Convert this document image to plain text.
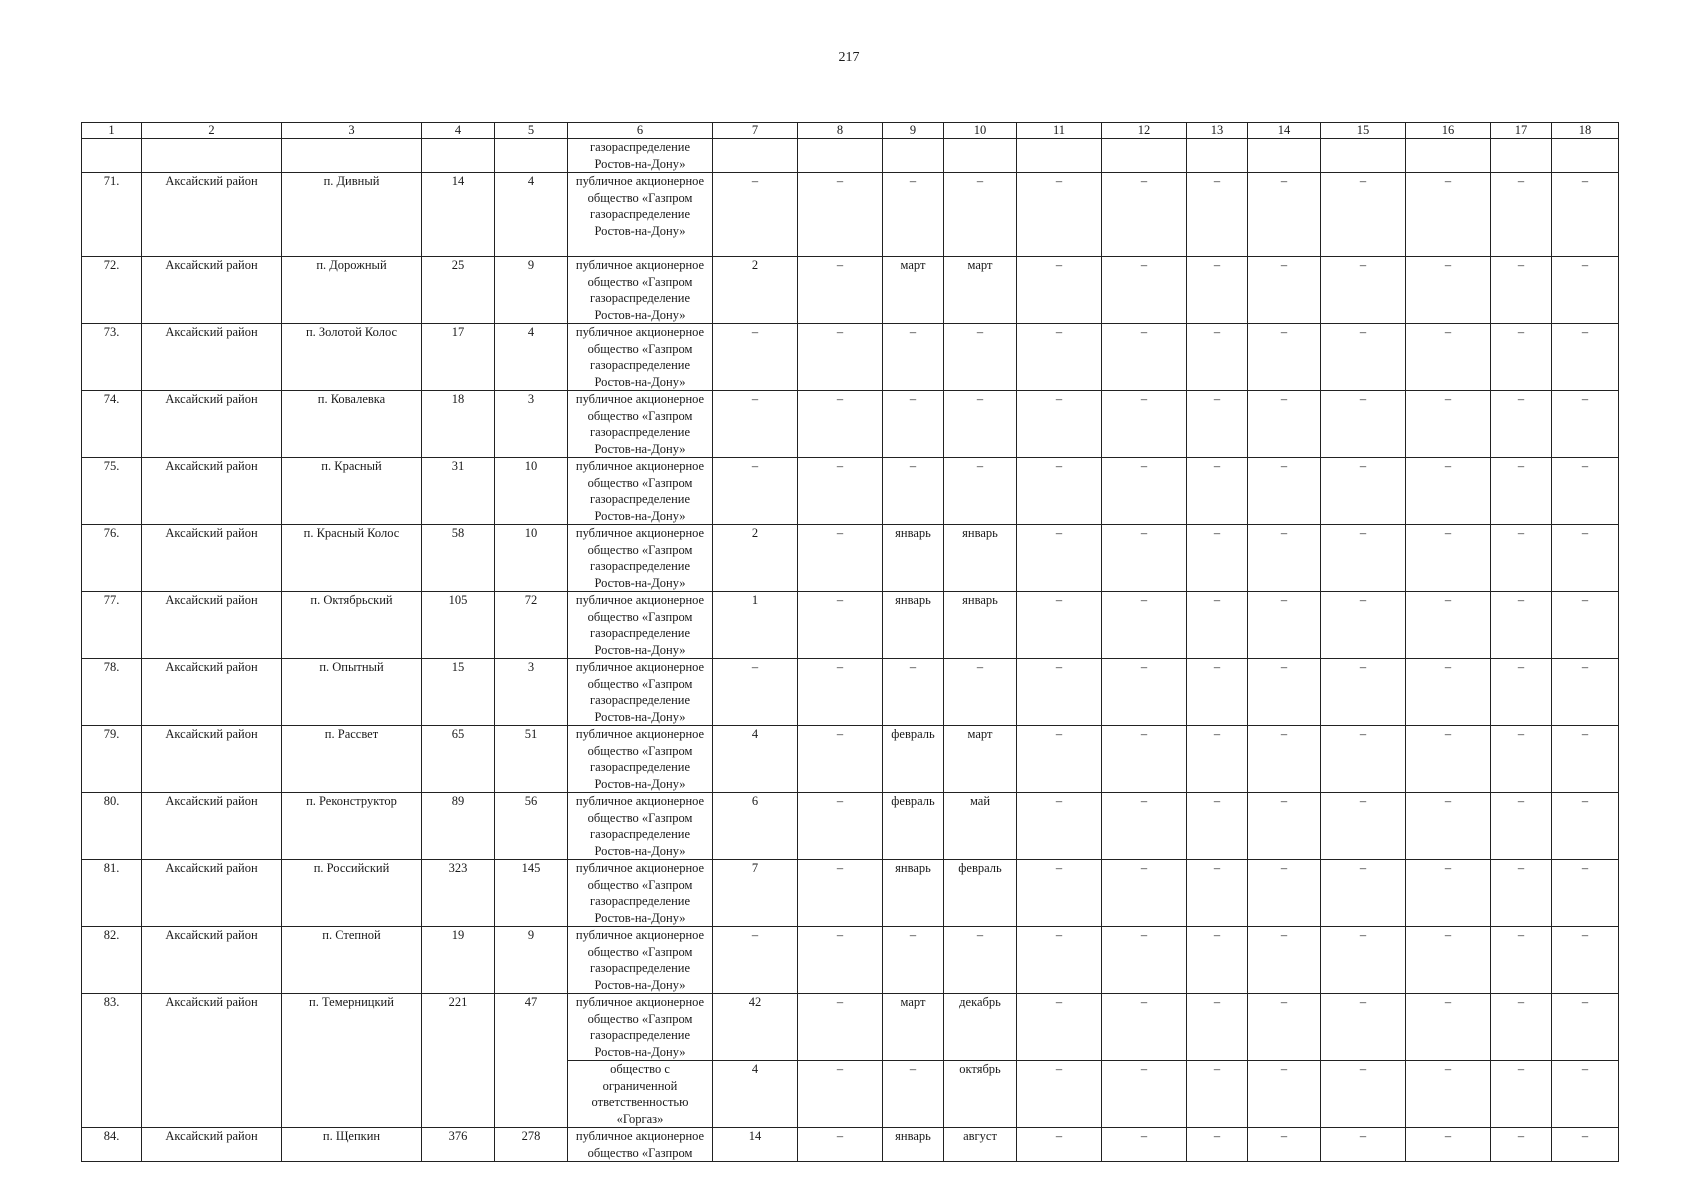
217
1	2	3	4	5	6	7	8	9	10	11	12	13	14	15	16	17	18
					газораспределение
Ростов-на-Дону»												
71.	Аксайский район	п. Дивный	14	4	публичное акционерное
общество «Газпром
газораспределение
Ростов-на-Дону»	–	–	–	–	–	–	–	–	–	–	–	–
72.	Аксайский район	п. Дорожный	25	9	публичное акционерное
общество «Газпром
газораспределение
Ростов-на-Дону»	2	–	март	март	–	–	–	–	–	–	–	–
73.	Аксайский район	п. Золотой Колос	17	4	публичное акционерное
общество «Газпром
газораспределение
Ростов-на-Дону»	–	–	–	–	–	–	–	–	–	–	–	–
74.	Аксайский район	п. Ковалевка	18	3	публичное акционерное
общество «Газпром
газораспределение
Ростов-на-Дону»	–	–	–	–	–	–	–	–	–	–	–	–
75.	Аксайский район	п. Красный	31	10	публичное акционерное
общество «Газпром
газораспределение
Ростов-на-Дону»	–	–	–	–	–	–	–	–	–	–	–	–
76.	Аксайский район	п. Красный Колос	58	10	публичное акционерное
общество «Газпром
газораспределение
Ростов-на-Дону»	2	–	январь	январь	–	–	–	–	–	–	–	–
77.	Аксайский район	п. Октябрьский	105	72	публичное акционерное
общество «Газпром
газораспределение
Ростов-на-Дону»	1	–	январь	январь	–	–	–	–	–	–	–	–
78.	Аксайский район	п. Опытный	15	3	публичное акционерное
общество «Газпром
газораспределение
Ростов-на-Дону»	–	–	–	–	–	–	–	–	–	–	–	–
79.	Аксайский район	п. Рассвет	65	51	публичное акционерное
общество «Газпром
газораспределение
Ростов-на-Дону»	4	–	февраль	март	–	–	–	–	–	–	–	–
80.	Аксайский район	п. Реконструктор	89	56	публичное акционерное
общество «Газпром
газораспределение
Ростов-на-Дону»	6	–	февраль	май	–	–	–	–	–	–	–	–
81.	Аксайский район	п. Российский	323	145	публичное акционерное
общество «Газпром
газораспределение
Ростов-на-Дону»	7	–	январь	февраль	–	–	–	–	–	–	–	–
82.	Аксайский район	п. Степной	19	9	публичное акционерное
общество «Газпром
газораспределение
Ростов-на-Дону»	–	–	–	–	–	–	–	–	–	–	–	–
83.	Аксайский район	п. Темерницкий	221	47	публичное акционерное
общество «Газпром
газораспределение
Ростов-на-Дону»	42	–	март	декабрь	–	–	–	–	–	–	–	–
					общество с
ограниченной
ответственностью
«Горгаз»	4	–	–	октябрь	–	–	–	–	–	–	–	–
84.	Аксайский район	п. Щепкин	376	278	публичное акционерное
общество «Газпром	14	–	январь	август	–	–	–	–	–	–	–	–
